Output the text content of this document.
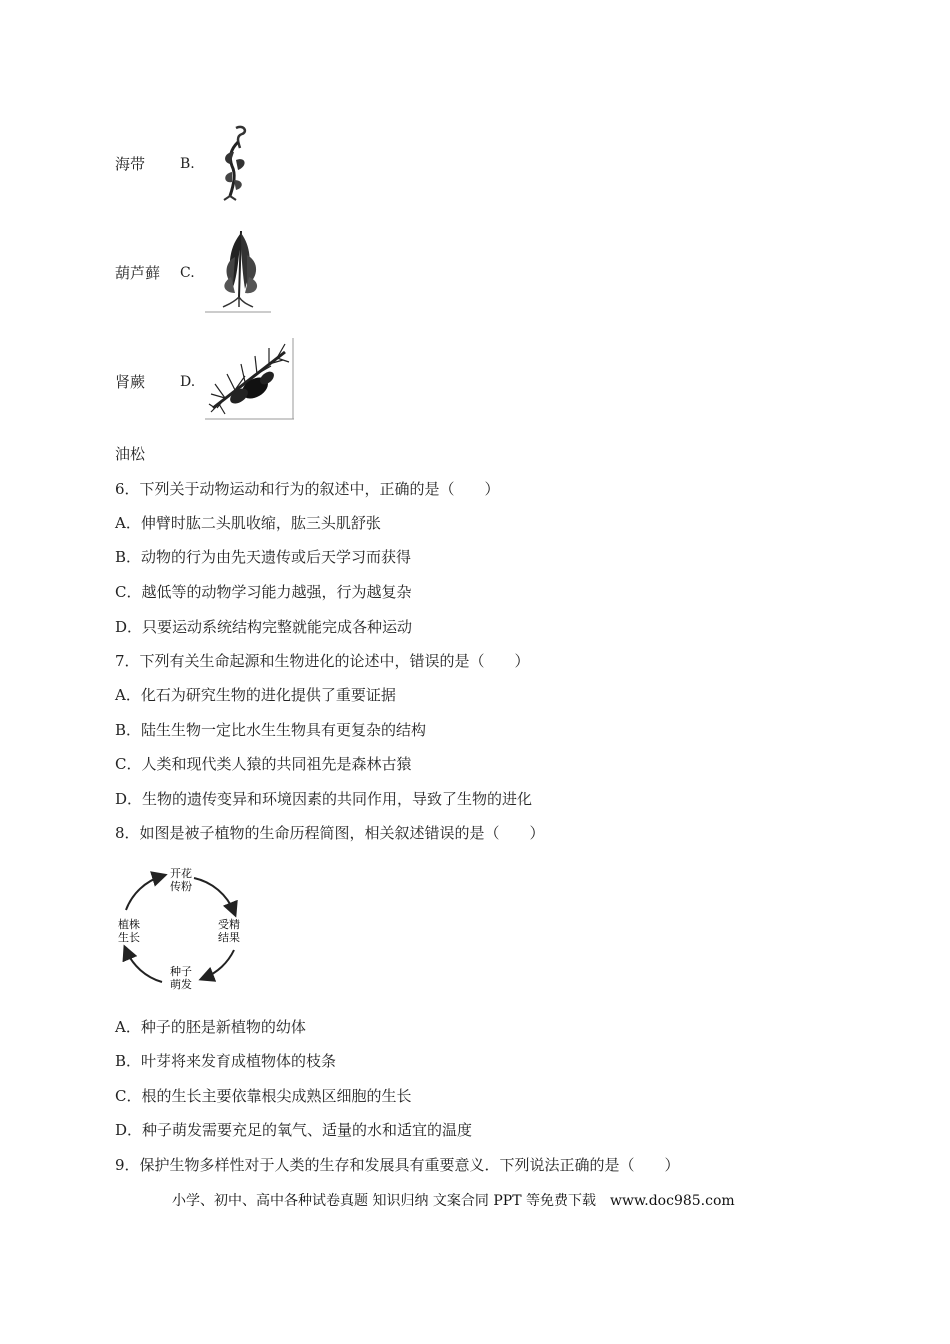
海带 B.
葫芦藓 C.
肾蕨 D.
油松
6．下列关于动物运动和行为的叙述中，正确的是（　　）
A．伸臂时肱二头肌收缩，肱三头肌舒张
B．动物的行为由先天遗传或后天学习而获得
C．越低等的动物学习能力越强，行为越复杂
D．只要运动系统结构完整就能完成各种运动
7．下列有关生命起源和生物进化的论述中，错误的是（　　）
A．化石为研究生物的进化提供了重要证据
B．陆生生物一定比水生生物具有更复杂的结构
C．人类和现代类人猿的共同祖先是森林古猿
D．生物的遗传变异和环境因素的共同作用，导致了生物的进化
8．如图是被子植物的生命历程简图，相关叙述错误的是（　　）
开花
传粉
受精
结果
种子
萌发
植株
生长
A．种子的胚是新植物的幼体
B．叶芽将来发育成植物体的枝条
C．根的生长主要依靠根尖成熟区细胞的生长
D．种子萌发需要充足的氧气、适量的水和适宜的温度
9．保护生物多样性对于人类的生存和发展具有重要意义．下列说法正确的是（　　）
小学、初中、高中各种试卷真题 知识归纳 文案合同 PPT 等免费下载　www.doc985.com
